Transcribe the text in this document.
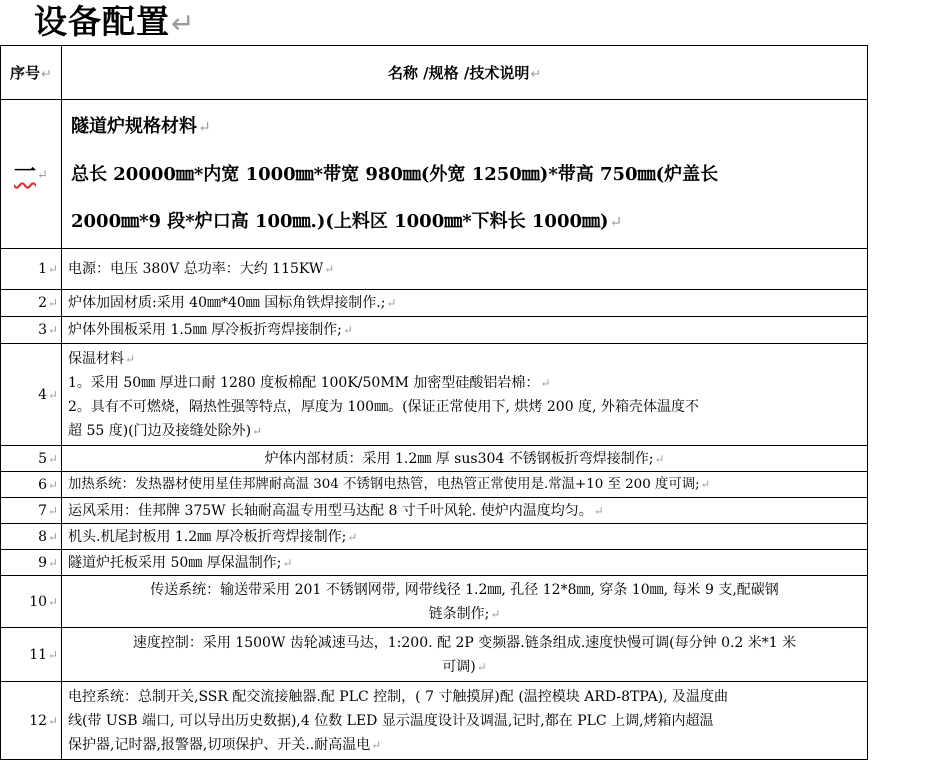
设备配置↵
序号↵	名称 /规格 /技术说明↵
一↵	隧道炉规格材料↵
总长 20000㎜*内宽 1000㎜*带宽 980㎜(外宽 1250㎜)*带高 750㎜(炉盖长
2000㎜*9 段*炉口高 100㎜.)(上料区 1000㎜*下料长 1000㎜)↵
1↵	电源：电压 380V 总功率：大约 115KW↵
2↵	炉体加固材质:采用 40㎜*40㎜ 国标角铁焊接制作.;↵
3↵	炉体外围板采用 1.5㎜ 厚冷板折弯焊接制作;↵
4↵	保温材料↵
1。采用 50㎜ 厚进口耐 1280 度板棉配 100K/50MM 加密型硅酸铝岩棉：↵
2。具有不可燃烧，隔热性强等特点，厚度为 100㎜。(保证正常使用下, 烘烤 200 度, 外箱壳体温度不
超 55 度)(门边及接缝处除外)↵
5↵	炉体内部材质：采用 1.2㎜ 厚 sus304 不锈钢板折弯焊接制作;↵
6↵	加热系统：发热器材使用星佳邦牌耐高温 304 不锈钢电热管，电热管正常使用是.常温+10 至 200 度可调;↵
7↵	运风采用：佳邦牌 375W 长轴耐高温专用型马达配 8 寸千叶风轮. 使炉内温度均匀。↵
8↵	机头.机尾封板用 1.2㎜ 厚冷板折弯焊接制作;↵
9↵	隧道炉托板采用 50㎜ 厚保温制作;↵
10↵	传送系统：输送带采用 201 不锈钢网带, 网带线径 1.2㎜, 孔径 12*8㎜, 穿条 10㎜, 每米 9 支,配碳钢
链条制作;↵
11↵	速度控制：采用 1500W 齿轮减速马达，1:200. 配 2P 变频器.链条组成.速度快慢可调(每分钟 0.2 米*1 米
可调)↵
12↵	电控系统：总制开关,SSR 配交流接触器.配 PLC 控制，( 7 寸触摸屏)配 (温控模块 ARD-8TPA), 及温度曲
线(带 USB 端口, 可以导出历史数据),4 位数 LED 显示温度设计及调温,记时,都在 PLC 上调,烤箱内超温
保护器,记时器,报警器,切项保护、开关..耐高温电↵
